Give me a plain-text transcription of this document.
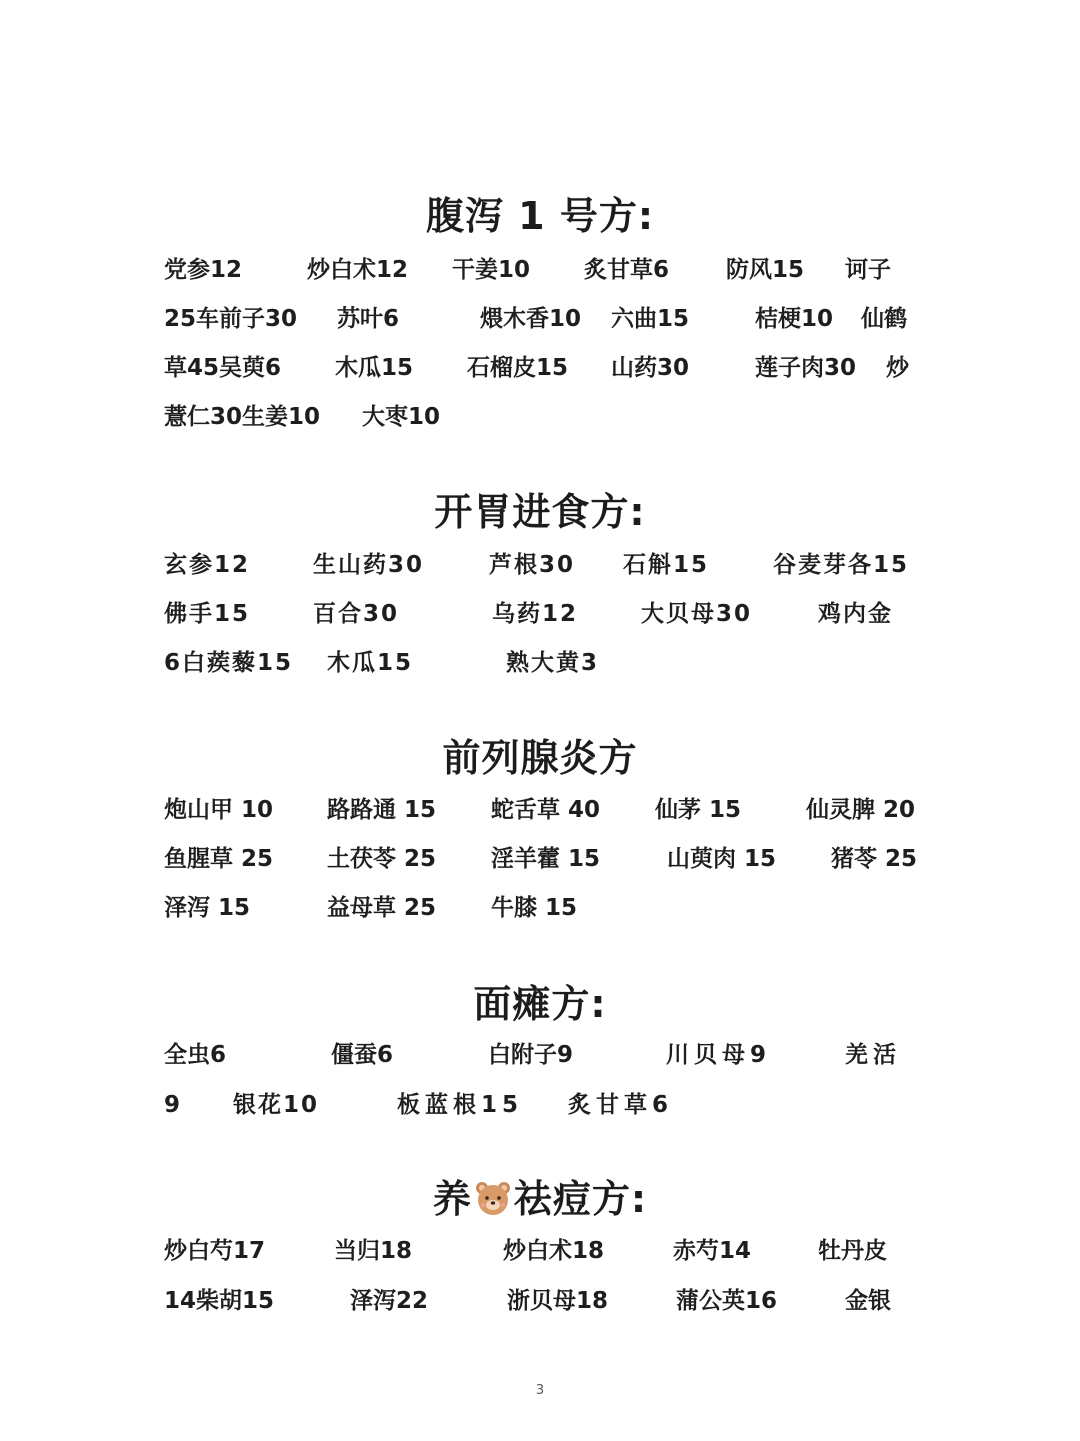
腹泻 1 号方:
党参12	炒白术12 干姜10 炙甘草6 防风15 诃子
25车前子30 苏叶6	煨木香10 六曲15	桔梗10 仙鹤
草45吴萸6 木瓜15 石榴皮15 山药30	莲子肉30 炒
薏仁30生姜10 大枣10
开胃进食方:
玄参12	生山药30	芦根30 石斛15	谷麦芽各15
佛手15	百合30	乌药12	大贝母30	鸡内金
6白蒺藜15 木瓜15	熟大黄3
前列腺炎方
炮山甲 10 路路通 15 蛇舌草 40 仙茅 15	仙灵脾 20
鱼腥草 25 土茯苓 25 淫羊藿 15	山萸肉 15 猪苓 25
泽泻 15	益母草 25 牛膝 15
面瘫方:
全虫6	僵蚕6	白附子9	川贝母9	羌活
9 银花10	板蓝根15 炙甘草6
养 祛痘方:
炒白芍17	当归18	炒白术18	赤芍14	牡丹皮
14柴胡15	泽泻22	浙贝母18	蒲公英16	金银
3
